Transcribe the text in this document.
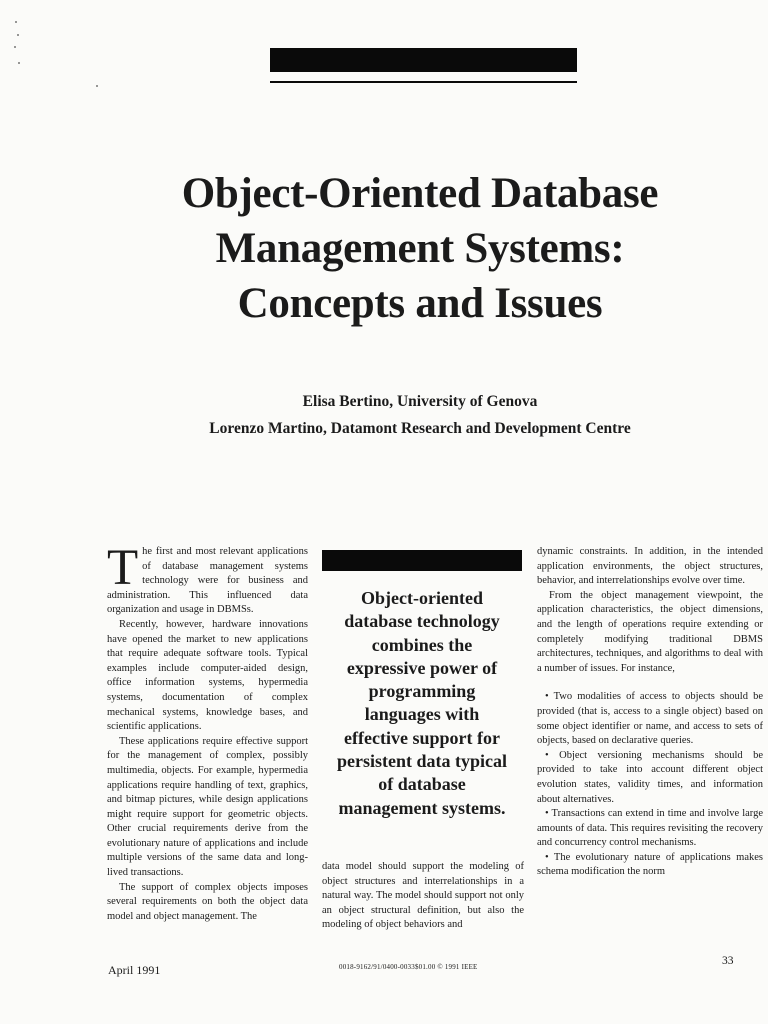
Object-Oriented Database
Management Systems:
Concepts and Issues
Elisa Bertino, University of Genova
Lorenzo Martino, Datamont Research and Development Centre

The first and most relevant applications of database management systems technology were for business and administration. This influenced data organization and usage in DBMSs.

Recently, however, hardware innovations have opened the market to new applications that require adequate software tools. Typical examples include computer-aided design, office information systems, hypermedia systems, documentation of complex mechanical systems, knowledge bases, and scientific applications.

These applications require effective support for the management of complex, possibly multimedia, objects. For example, hypermedia applications require handling of text, graphics, and bitmap pictures, while design applications might require support for geometric objects. Other crucial requirements derive from the evolutionary nature of applications and include multiple versions of the same data and long-lived transactions.

The support of complex objects imposes several requirements on both the object data model and object management. The

Object-oriented
database technology
combines the
expressive power of
programming
languages with
effective support for
persistent data typical
of database
management systems.

data model should support the modeling of object structures and interrelationships in a natural way. The model should support not only an object structural definition, but also the modeling of object behaviors and

dynamic constraints. In addition, in the intended application environments, the object structures, behavior, and interrelationships evolve over time.

From the object management viewpoint, the application characteristics, the object dimensions, and the length of operations require extending or completely modifying traditional DBMS architectures, techniques, and algorithms to deal with a number of issues. For instance,

• Two modalities of access to objects should be provided (that is, access to a single object) based on some object identifier or name, and access to sets of objects, based on declarative queries.

• Object versioning mechanisms should be provided to take into account different object evolution states, validity times, and information about alternatives.

• Transactions can extend in time and involve large amounts of data. This requires revisiting the recovery and concurrency control mechanisms.

• The evolutionary nature of applications makes schema modification the norm

April 1991	0018-9162/91/0400-0033$01.00 © 1991 IEEE	33
